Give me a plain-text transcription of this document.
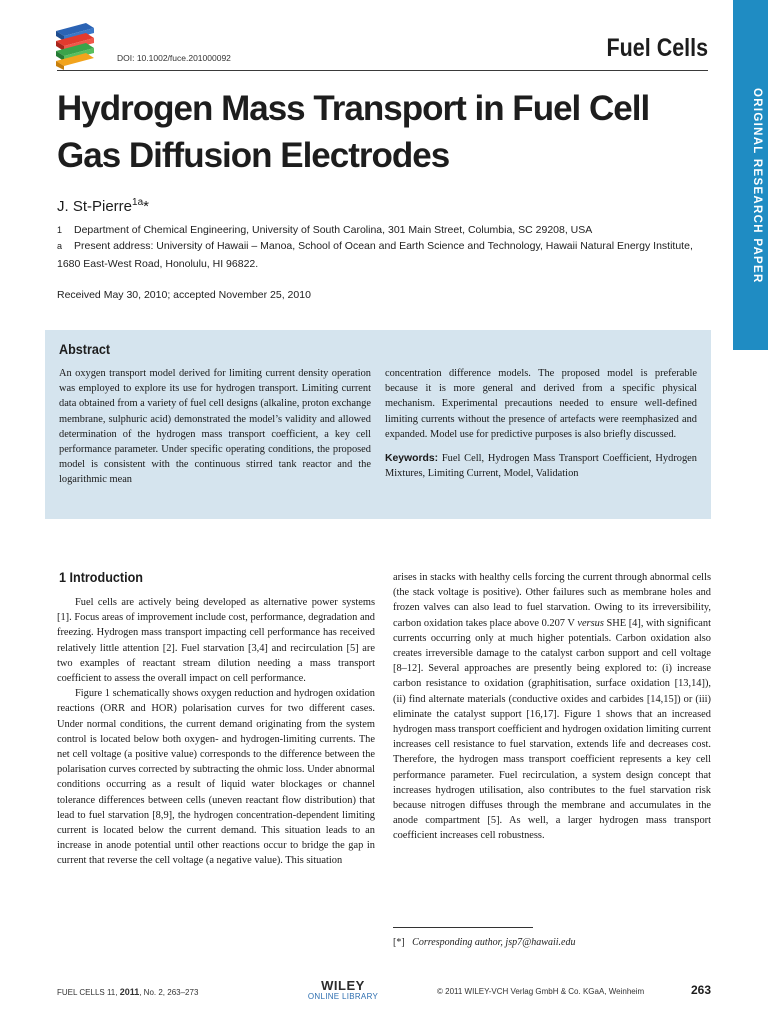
DOI: 10.1002/fuce.201000092	Fuel Cells
ORIGINAL RESEARCH PAPER
Hydrogen Mass Transport in Fuel Cell Gas Diffusion Electrodes
J. St-Pierre$^{1a}$*
1 Department of Chemical Engineering, University of South Carolina, 301 Main Street, Columbia, SC 29208, USA
a Present address: University of Hawaii – Manoa, School of Ocean and Earth Science and Technology, Hawaii Natural Energy Institute,
1680 East-West Road, Honolulu, HI 96822.
Received May 30, 2010; accepted November 25, 2010
Abstract

An oxygen transport model derived for limiting current density operation was employed to explore its use for hydrogen transport. Limiting current data obtained from a variety of fuel cell designs (alkaline, proton exchange membrane, sulphuric acid) demonstrated the model’s validity and allowed determination of the hydrogen mass transport coefficient, a key cell performance parameter. Under specific operating conditions, the proposed model is consistent with the continuous stirred tank reactor and the logarithmic mean

concentration difference models. The proposed model is preferable because it is more general and derived from a specific physical mechanism. Experimental precautions needed to ensure well-defined limiting currents without the presence of artefacts were reemphasized and expanded. Model use for predictive purposes is also briefly discussed.

Keywords: Fuel Cell, Hydrogen Mass Transport Coefficient, Hydrogen Mixtures, Limiting Current, Model, Validation

1 Introduction

Fuel cells are actively being developed as alternative power systems [1]. Focus areas of improvement include cost, performance, degradation and freezing. Hydrogen mass transport impacting cell performance has received relatively little attention [2]. Fuel starvation [3,4] and recirculation [5] are two examples of reactant stream dilution needing a mass transport coefficient to assess the overall impact on cell performance.

Figure 1 schematically shows oxygen reduction and hydrogen oxidation reactions (ORR and HOR) polarisation curves for two different cases. Under normal conditions, the current demand originating from the system control is located below both oxygen- and hydrogen-limiting currents. The net cell voltage (a positive value) corresponds to the difference between the polarisation curves corrected by subtracting the ohmic loss. Under abnormal conditions occurring as a result of liquid water blockages or channel tolerance differences between cells (uneven reactant flow distribution) that lead to fuel starvation [8,9], the hydrogen concentration-dependent limiting current is located below the current demand. This situation leads to an increase in anode potential until other reactions occur to bridge the gap in current that reverse the cell voltage (a negative value). This situation

arises in stacks with healthy cells forcing the current through abnormal cells (the stack voltage is positive). Other failures such as membrane holes and frozen valves can also lead to fuel starvation. Owing to its irreversibility, carbon oxidation takes place above 0.207 V versus SHE [4], with significant currents occurring only at much higher potentials. Carbon oxidation also creates irreversible damage to the catalyst carbon support and cell voltage [8–12]. Several approaches are presently being explored to: (i) increase carbon resistance to oxidation (graphitisation, surface oxidation [13,14]), (ii) find alternate materials (conductive oxides and carbides [14,15]) or (iii) eliminate the catalyst support [16,17]. Figure 1 shows that an increased hydrogen mass transport coefficient and hydrogen oxidation limiting current increases cell resistance to fuel starvation, extends life and decreases cost. Therefore, the hydrogen mass transport coefficient represents a key cell performance parameter. Fuel recirculation, a system design concept that increases hydrogen utilisation, also contributes to the fuel starvation risk because nitrogen diffuses through the membrane and accumulates in the anode compartment [5]. As well, a larger hydrogen mass transport coefficient increases cell robustness.

[*] Corresponding author, jsp7@hawaii.edu
FUEL CELLS 11, 2011, No. 2, 263–273	WILEY
ONLINE LIBRARY
© 2011 WILEY-VCH Verlag GmbH & Co. KGaA, Weinheim	263
